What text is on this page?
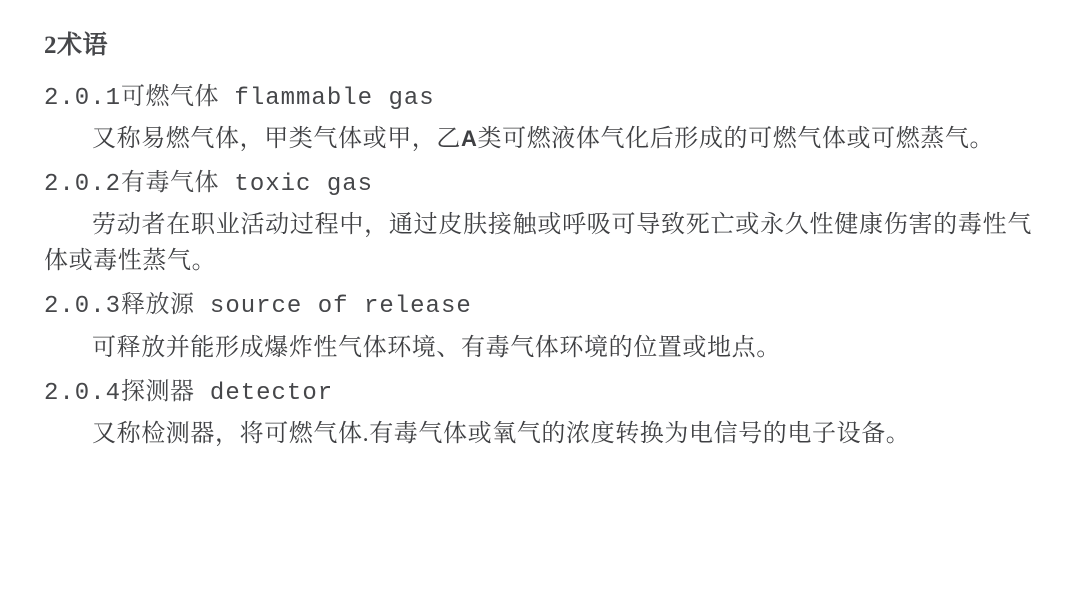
2术语

2.0.1可燃气体 flammable gas

又称易燃气体，甲类气体或甲，乙A类可燃液体气化后形成的可燃气体或可燃蒸气。

2.0.2有毒气体 toxic gas

劳动者在职业活动过程中，通过皮肤接触或呼吸可导致死亡或永久性健康伤害的毒性气体或毒性蒸气。

2.0.3释放源 source of release

可释放并能形成爆炸性气体环境、有毒气体环境的位置或地点。

2.0.4探测器 detector

又称检测器，将可燃气体.有毒气体或氧气的浓度转换为电信号的电子设备。
